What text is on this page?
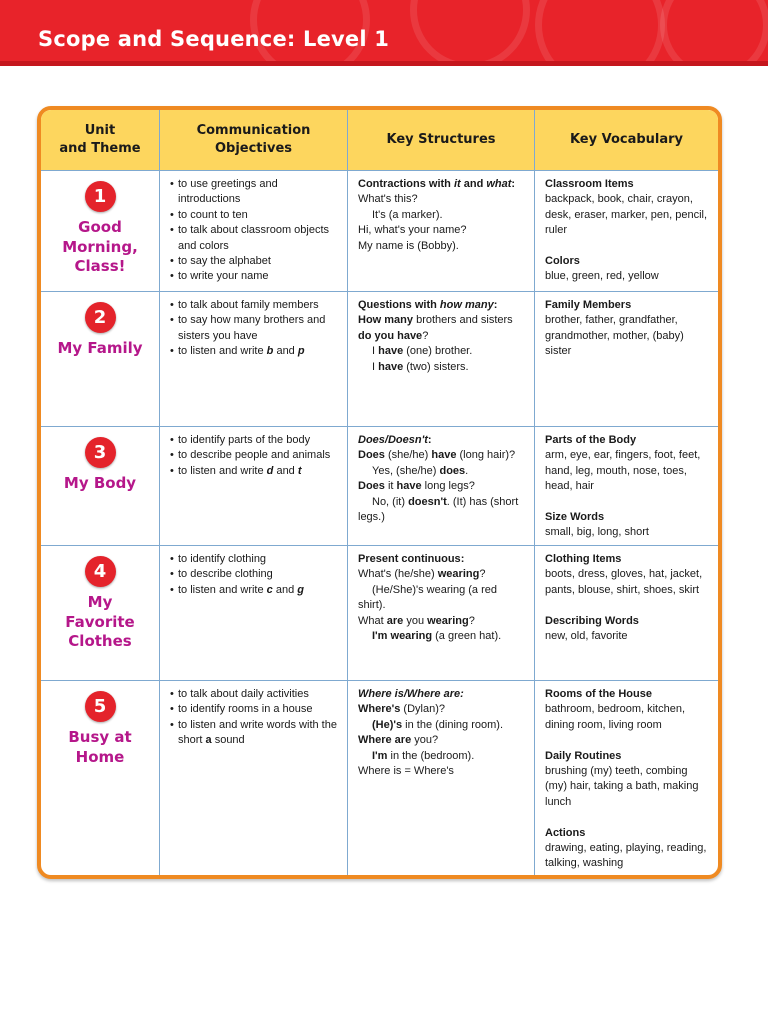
Scope and Sequence: Level 1
Unit
and Theme
Communication
Objectives
Key Structures	Key Vocabulary
1
Good
Morning,
Class!
• to use greetings and introductions
• to count to ten
• to talk about classroom objects and colors
• to say the alphabet
• to write your name
Contractions with it and what:
What's this?
It's (a marker).
Hi, what's your name?
My name is (Bobby).
Classroom Items
backpack, book, chair, crayon, desk, eraser, marker, pen, pencil, ruler
Colors
blue, green, red, yellow
2
My Family
• to talk about family members
• to say how many brothers and sisters you have
• to listen and write b and p
Questions with how many:
How many brothers and sisters
do you have?
I have (one) brother.
I have (two) sisters.
Family Members
brother, father, grandfather, grandmother, mother, (baby) sister
3
My Body
• to identify parts of the body
• to describe people and animals
• to listen and write d and t
Does/Doesn't:
Does (she/he) have (long hair)?
Yes, (she/he) does.
Does it have long legs?
No, (it) doesn't. (It) has (short
legs.)
Parts of the Body
arm, eye, ear, fingers, foot, feet, hand, leg, mouth, nose, toes, head, hair
Size Words
small, big, long, short
4
My
Favorite
Clothes
• to identify clothing
• to describe clothing
• to listen and write c and g
Present continuous:
What's (he/she) wearing?
(He/She)'s wearing (a red
shirt).
What are you wearing?
I'm wearing (a green hat).
Clothing Items
boots, dress, gloves, hat, jacket, pants, blouse, shirt, shoes, skirt
Describing Words
new, old, favorite
5
Busy at
Home
• to talk about daily activities
• to identify rooms in a house
• to listen and write words with the short a sound
Where is/Where are:
Where's (Dylan)?
(He)'s in the (dining room).
Where are you?
I'm in the (bedroom).
Where is = Where's
Rooms of the House
bathroom, bedroom, kitchen, dining room, living room
Daily Routines
brushing (my) teeth, combing (my) hair, taking a bath, making lunch
Actions
drawing, eating, playing, reading, talking, washing
